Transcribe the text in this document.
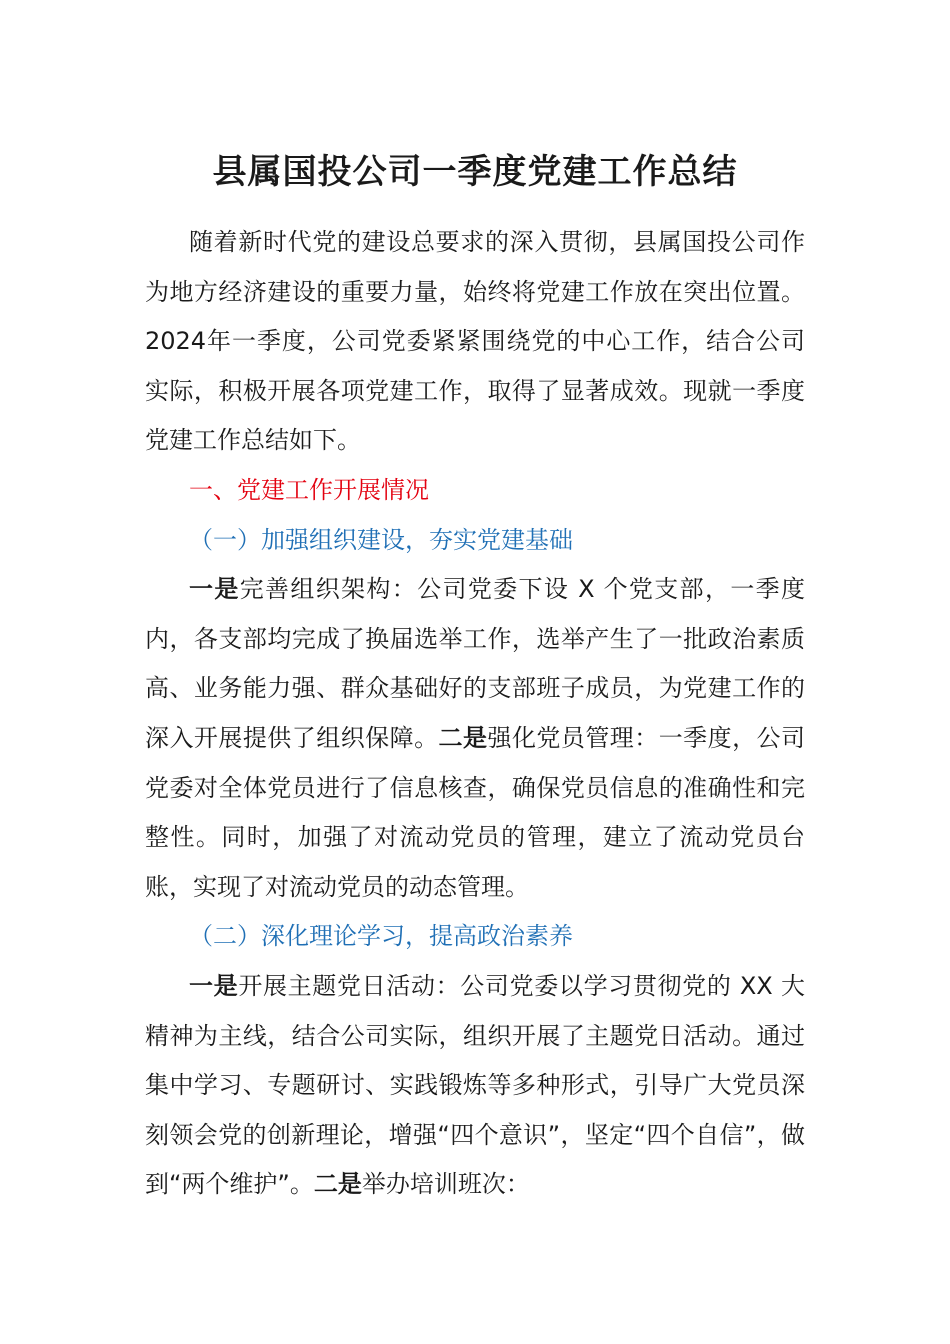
县属国投公司一季度党建工作总结

随着新时代党的建设总要求的深入贯彻，县属国投公司作为地方经济建设的重要力量，始终将党建工作放在突出位置。2024年一季度，公司党委紧紧围绕党的中心工作，结合公司实际，积极开展各项党建工作，取得了显著成效。现就一季度党建工作总结如下。

一、党建工作开展情况

（一）加强组织建设，夯实党建基础

一是完善组织架构：公司党委下设 X 个党支部，一季度内，各支部均完成了换届选举工作，选举产生了一批政治素质高、业务能力强、群众基础好的支部班子成员，为党建工作的深入开展提供了组织保障。二是强化党员管理：一季度，公司党委对全体党员进行了信息核查，确保党员信息的准确性和完整性。同时，加强了对流动党员的管理，建立了流动党员台账，实现了对流动党员的动态管理。

（二）深化理论学习，提高政治素养

一是开展主题党日活动：公司党委以学习贯彻党的 XX 大精神为主线，结合公司实际，组织开展了主题党日活动。通过集中学习、专题研讨、实践锻炼等多种形式，引导广大党员深刻领会党的创新理论，增强“四个意识”，坚定“四个自信”，做到“两个维护”。二是举办培训班次：
